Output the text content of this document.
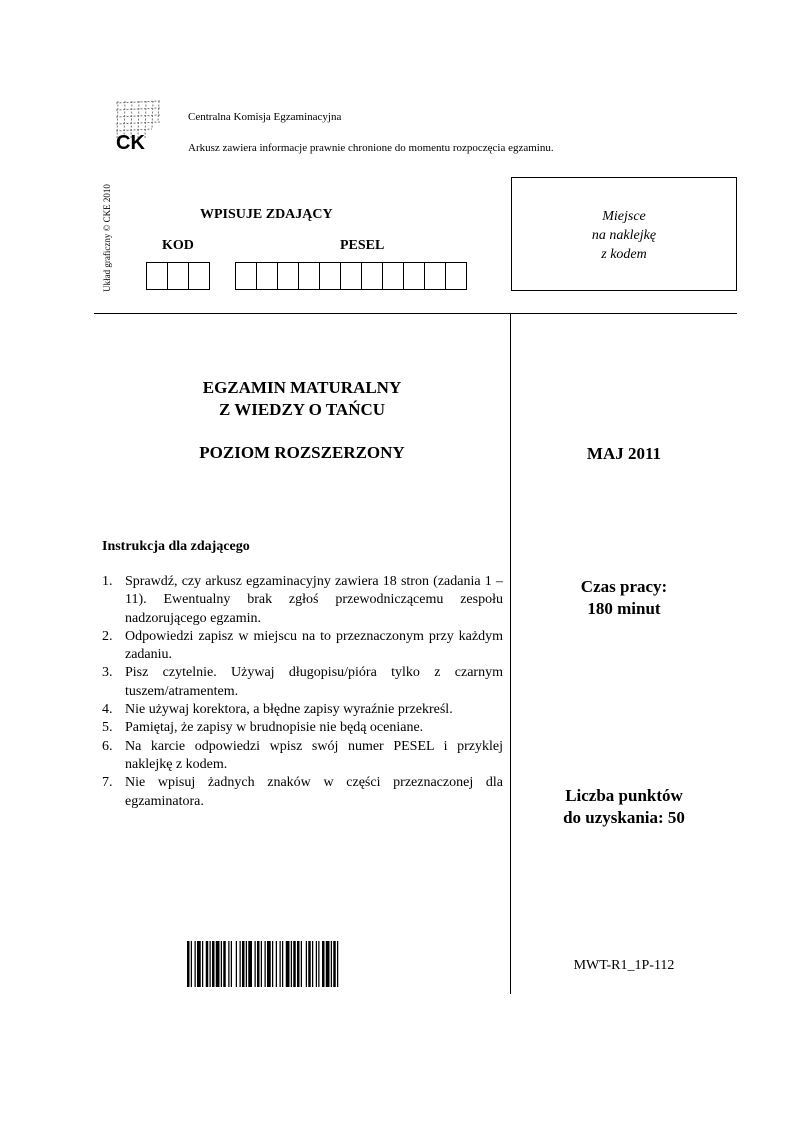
CK
Centralna Komisja Egzaminacyjna
Arkusz zawiera informacje prawnie chronione do momentu rozpoczęcia egzaminu.
Układ graficzny © CKE 2010	WPISUJE ZDAJĄCY
KOD	PESEL
Miejsce
na naklejkę
z kodem
EGZAMIN MATURALNY
Z WIEDZY O TAŃCU
POZIOM ROZSZERZONY	MAJ 2011
Czas pracy:
180 minut
Liczba punktów
do uzyskania: 50
MWT-R1_1P-112
Instrukcja dla zdającego
1. Sprawdź, czy arkusz egzaminacyjny zawiera 18 stron (zadania 1 – 11). Ewentualny brak zgłoś przewodniczącemu zespołu nadzorującego egzamin.
2. Odpowiedzi zapisz w miejscu na to przeznaczonym przy każdym zadaniu.
3. Pisz czytelnie. Używaj długopisu/pióra tylko z czarnym tuszem/atramentem.
4. Nie używaj korektora, a błędne zapisy wyraźnie przekreśl.
5. Pamiętaj, że zapisy w brudnopisie nie będą oceniane.
6. Na karcie odpowiedzi wpisz swój numer PESEL i przyklej naklejkę z kodem.
7. Nie wpisuj żadnych znaków w części przeznaczonej dla egzaminatora.
